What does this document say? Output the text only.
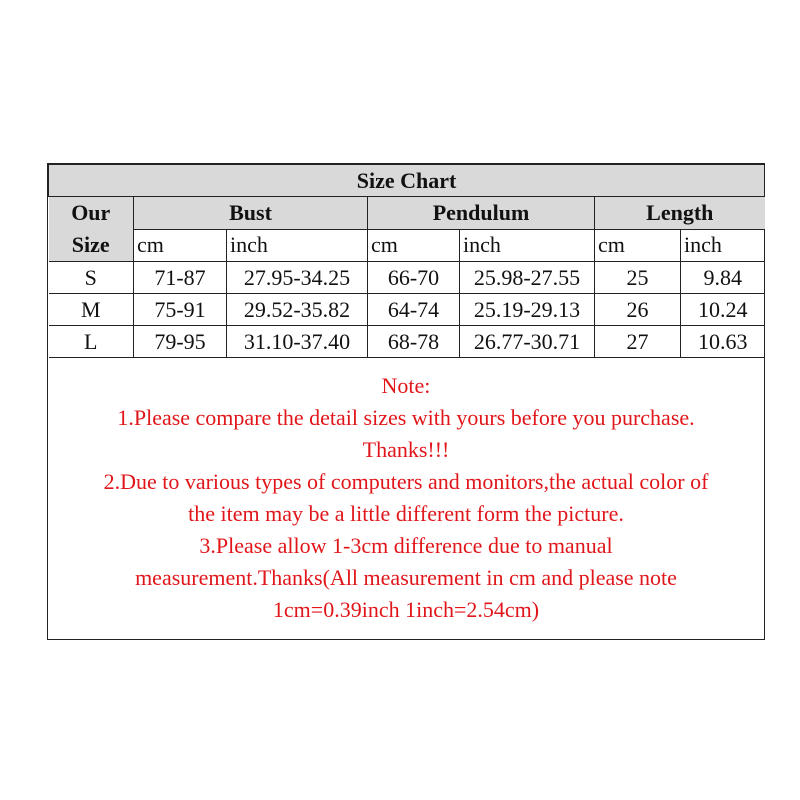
Size Chart						
Our
Size	Bust		Pendulum		Length	
	cm	inch	cm	inch	cm	inch
S	71-87	27.95-34.25	66-70	25.98-27.55	25	9.84
M	75-91	29.52-35.82	64-74	25.19-29.13	26	10.24
L	79-95	31.10-37.40	68-78	26.77-30.71	27	10.63
Note:
1.Please compare the detail sizes with yours before you purchase.
Thanks!!!
2.Due to various types of computers and monitors,the actual color of
the item may be a little different form the picture.
3.Please allow 1-3cm difference due to manual
measurement.Thanks(All measurement in cm and please note
1cm=0.39inch 1inch=2.54cm)
